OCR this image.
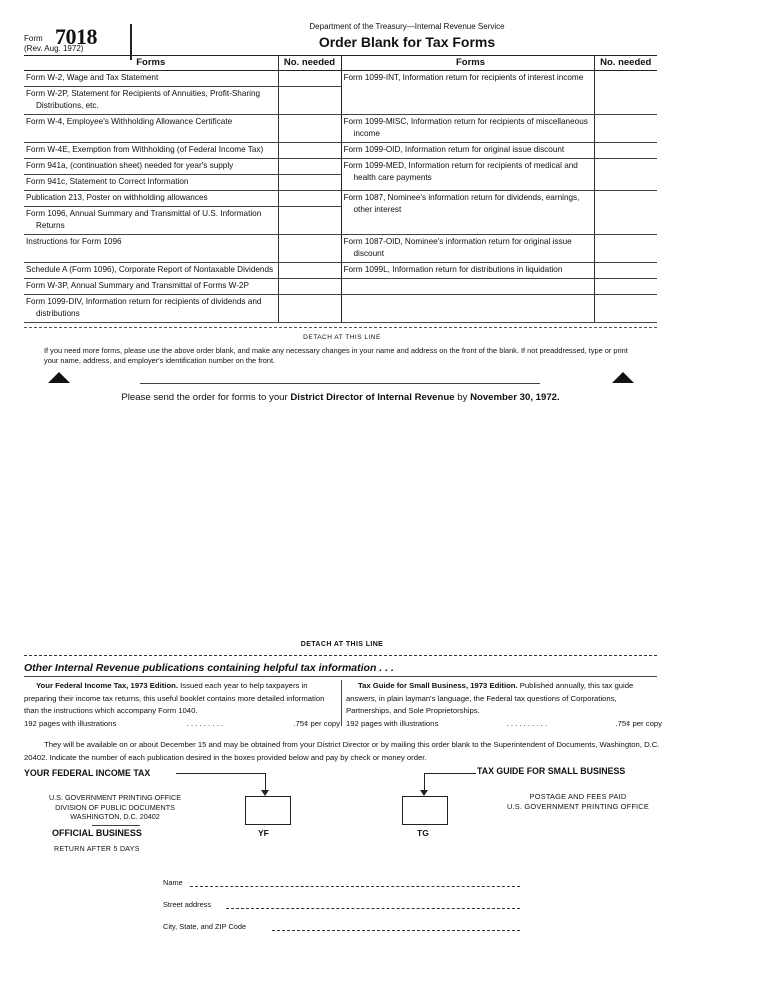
Form 7018
(Rev. Aug. 1972)
Department of the Treasury—Internal Revenue Service
Order Blank for Tax Forms
Forms	No. needed	Forms	No. needed
Form W-2, Wage and Tax Statement		Form 1099-INT, Information return for recipients of interest income	
Form W-2P, Statement for Recipients of Annuities, Profit-Sharing Distributions, etc.			
Form W-4, Employee's Withholding Allowance Certificate		Form 1099-MISC, Information return for recipients of miscellaneous income	
Form W-4E, Exemption from Withholding (of Federal Income Tax)		Form 1099-OID, Information return for original issue discount	
Form 941a, (continuation sheet) needed for year's supply		Form 1099-MED, Information return for recipients of medical and health care payments	
Form 941c, Statement to Correct Information			
Publication 213, Poster on withholding allowances		Form 1087, Nominee's information return for dividends, earnings, other interest	
Form 1096, Annual Summary and Transmittal of U.S. Information Returns			
Instructions for Form 1096		Form 1087-OID, Nominee's information return for original issue discount	
Schedule A (Form 1096), Corporate Report of Nontaxable Dividends		Form 1099L, Information return for distributions in liquidation	
Form W-3P, Annual Summary and Transmittal of Forms W-2P			
Form 1099-DIV, Information return for recipients of dividends and distributions			
DETACH AT THIS LINE
If you need more forms, please use the above order blank, and make any necessary changes in your name and address on the front of the blank. If not preaddressed, type or print your name, address, and employer's identification number on the front.
Please send the order for forms to your District Director of Internal Revenue by November 30, 1972.
DETACH AT THIS LINE
Other Internal Revenue publications containing helpful tax information . . .
Your Federal Income Tax, 1973 Edition. Issued each year to help taxpayers in preparing their income tax returns, this useful booklet contains more detailed information than the instructions which accompany Form 1040.
192 pages with illustrations	. . . . . . . . .	.75¢ per copy
Tax Guide for Small Business, 1973 Edition. Published annually, this tax guide answers, in plain layman's language, the Federal tax questions of Corporations, Partnerships, and Sole Proprietorships.
192 pages with illustrations	. . . . . . . . . .	.75¢ per copy
They will be available on or about December 15 and may be obtained from your District Director or by mailing this order blank to the Superintendent of Documents, Washington, D.C. 20402. Indicate the number of each publication desired in the boxes provided below and pay by check or money order.
YOUR FEDERAL INCOME TAX	TAX GUIDE FOR SMALL BUSINESS
YF	TG
U.S. GOVERNMENT PRINTING OFFICE
DIVISION OF PUBLIC DOCUMENTS
WASHINGTON, D.C. 20402
OFFICIAL BUSINESS
RETURN AFTER 5 DAYS
POSTAGE AND FEES PAID
U.S. GOVERNMENT PRINTING OFFICE
Name
Street address
City, State, and ZIP Code
